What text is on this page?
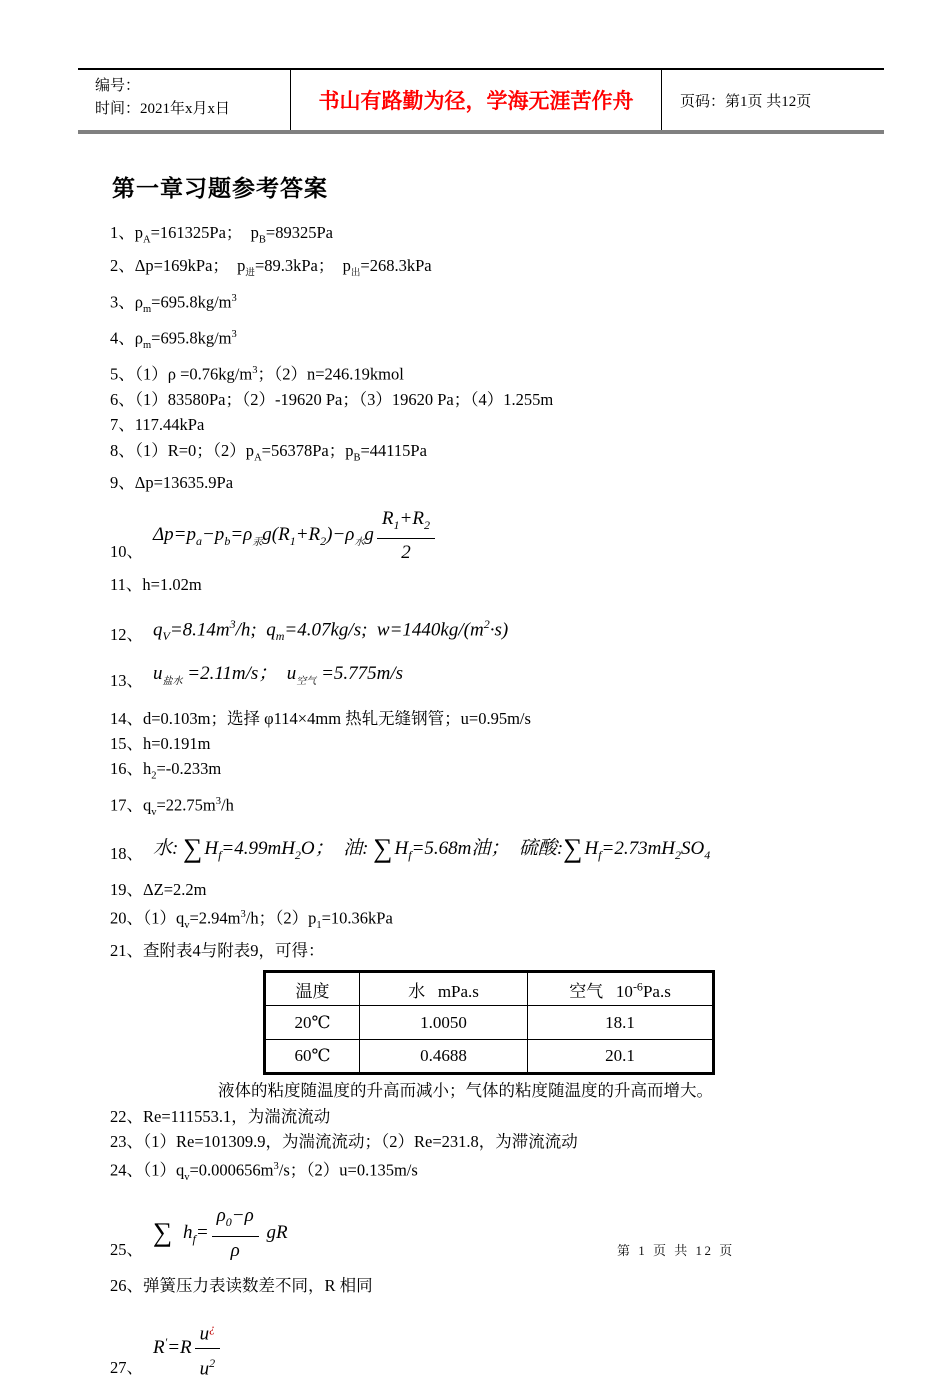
编号：
时间：2021年x月x日	书山有路勤为径，学海无涯苦作舟	页码：第1页 共12页
第一章习题参考答案
1、$p_A=161325Pa$；  $p_B=89325Pa$
2、Δp=169kPa；  $p_进=89.3kPa$；  $p_出=268.3kPa$
3、$\rho_m=695.8kg/m^3$
4、$\rho_m=695.8kg/m^3$
5、$(1)\rho =0.76kg/m^3$；（2）n=246.19kmol
6、（1）83580Pa；（2）-19620 Pa；（3）19620 Pa；（4）1.255m
7、117.44kPa
8、（1）R=0；$(2)p_A=56378Pa$；$p_B=44115Pa$
9、Δp=13635.9Pa
10、
$\Delta p=p_a-p_b=\rho_汞g(R_1+R_2)-\rho_水g \frac{R_1+R_2}{2}$
11、h=1.02m
12、 $q_V=8.14m^3/h$;  $q_m=4.07kg/s$;  $w=1440kg/(m^2\cdot s)$
13、 $u_{盐水} =2.11m/s$；  $u_{空气} =5.775m/s$
14、d=0.103m；选择 φ114×4mm 热轧无缝钢管；u=0.95m/s
15、h=0.191m
16、$h_2=-0.233m$
17、$q_v=22.75m^3/h$
18、 水: $\sum H_f=4.99mH_2O$；  油: $\sum H_f=5.68m$油；  硫酸$:\sum H_f=2.73mH_2SO_4$
19、ΔZ=2.2m
20、$(1)q_v=2.94m^3/h$；$(2)p_1=10.36kPa$
21、查附表4与附表9，可得：
温度	水   mPa.s	空气   $10^{-6}Pa.s$
20℃	1.0050	18.1
60℃	0.4688	20.1
液体的粘度随温度的升高而减小；气体的粘度随温度的升高而增大。
22、Re=111553.1，为湍流流动
23、（1）Re=101309.9，为湍流流动；（2）Re=231.8，为滞流流动
24、$(1)q_v=0.000656m^3/s$；（2）u=0.135m/s
25、
∑ $h_f= \frac{\rho_0-\rho}{\rho}$ gR
26、弹簧压力表读数差不同，R 相同
27、
$R'=R \frac{u^¿}{u^2}$
第 1 页 共 12 页
